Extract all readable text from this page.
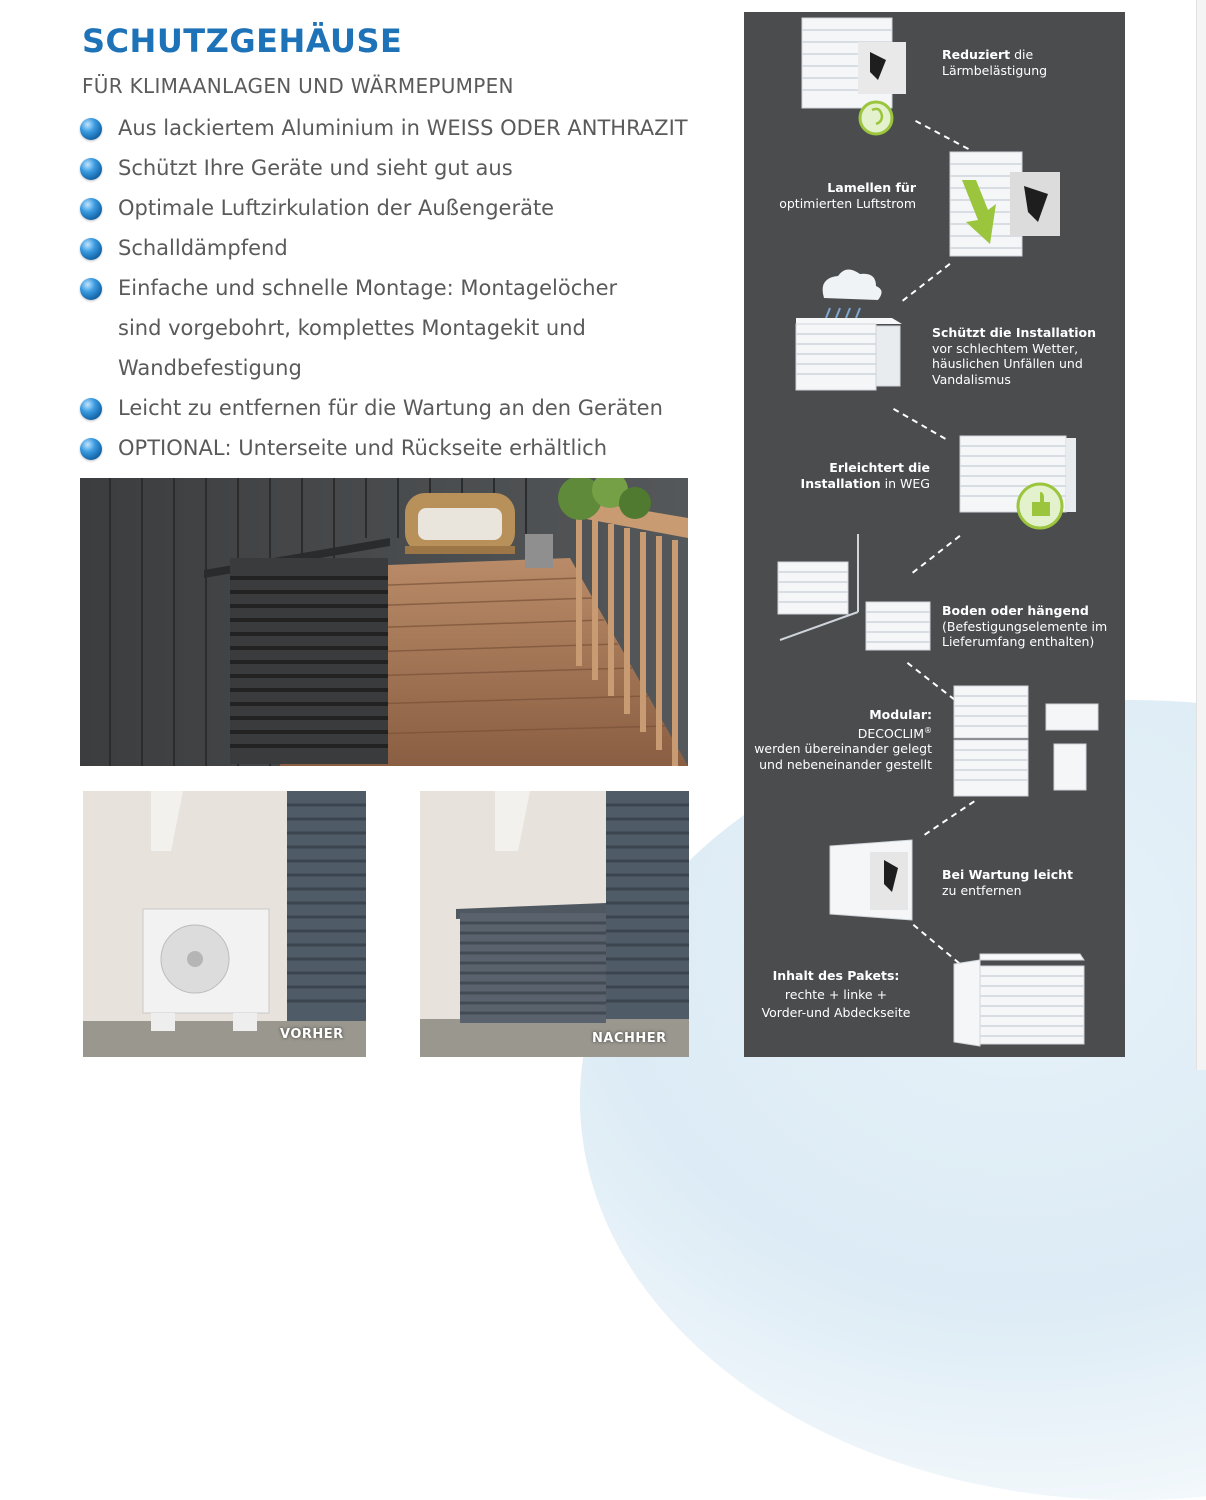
SCHUTZGEHÄUSE
FÜR KLIMAANLAGEN UND WÄRMEPUMPEN
Aus lackiertem Aluminium in WEISS ODER ANTHRAZIT
Schützt Ihre Geräte und sieht gut aus
Optimale Luftzirkulation der Außengeräte
Schalldämpfend
Einfache und schnelle Montage: Montagelöcher
sind vorgebohrt, komplettes Montagekit und
Wandbefestigung
Leicht zu entfernen für die Wartung an den Geräten
OPTIONAL: Unterseite und Rückseite erhältlich
VORHER	NACHHER
Reduziert die
Lärmbelästigung
Lamellen für
optimierten Luftstrom
Schützt die Installation
vor schlechtem Wetter,
häuslichen Unfällen und
Vandalismus
Erleichtert die
Installation in WEG
Boden oder hängend
(Befestigungselemente im
Lieferumfang enthalten)
Modular:
DECOCLIM®
werden übereinander gelegt
und nebeneinander gestellt
Bei Wartung leicht
zu entfernen
Inhalt des Pakets:
rechte + linke +
Vorder-und Abdeckseite
